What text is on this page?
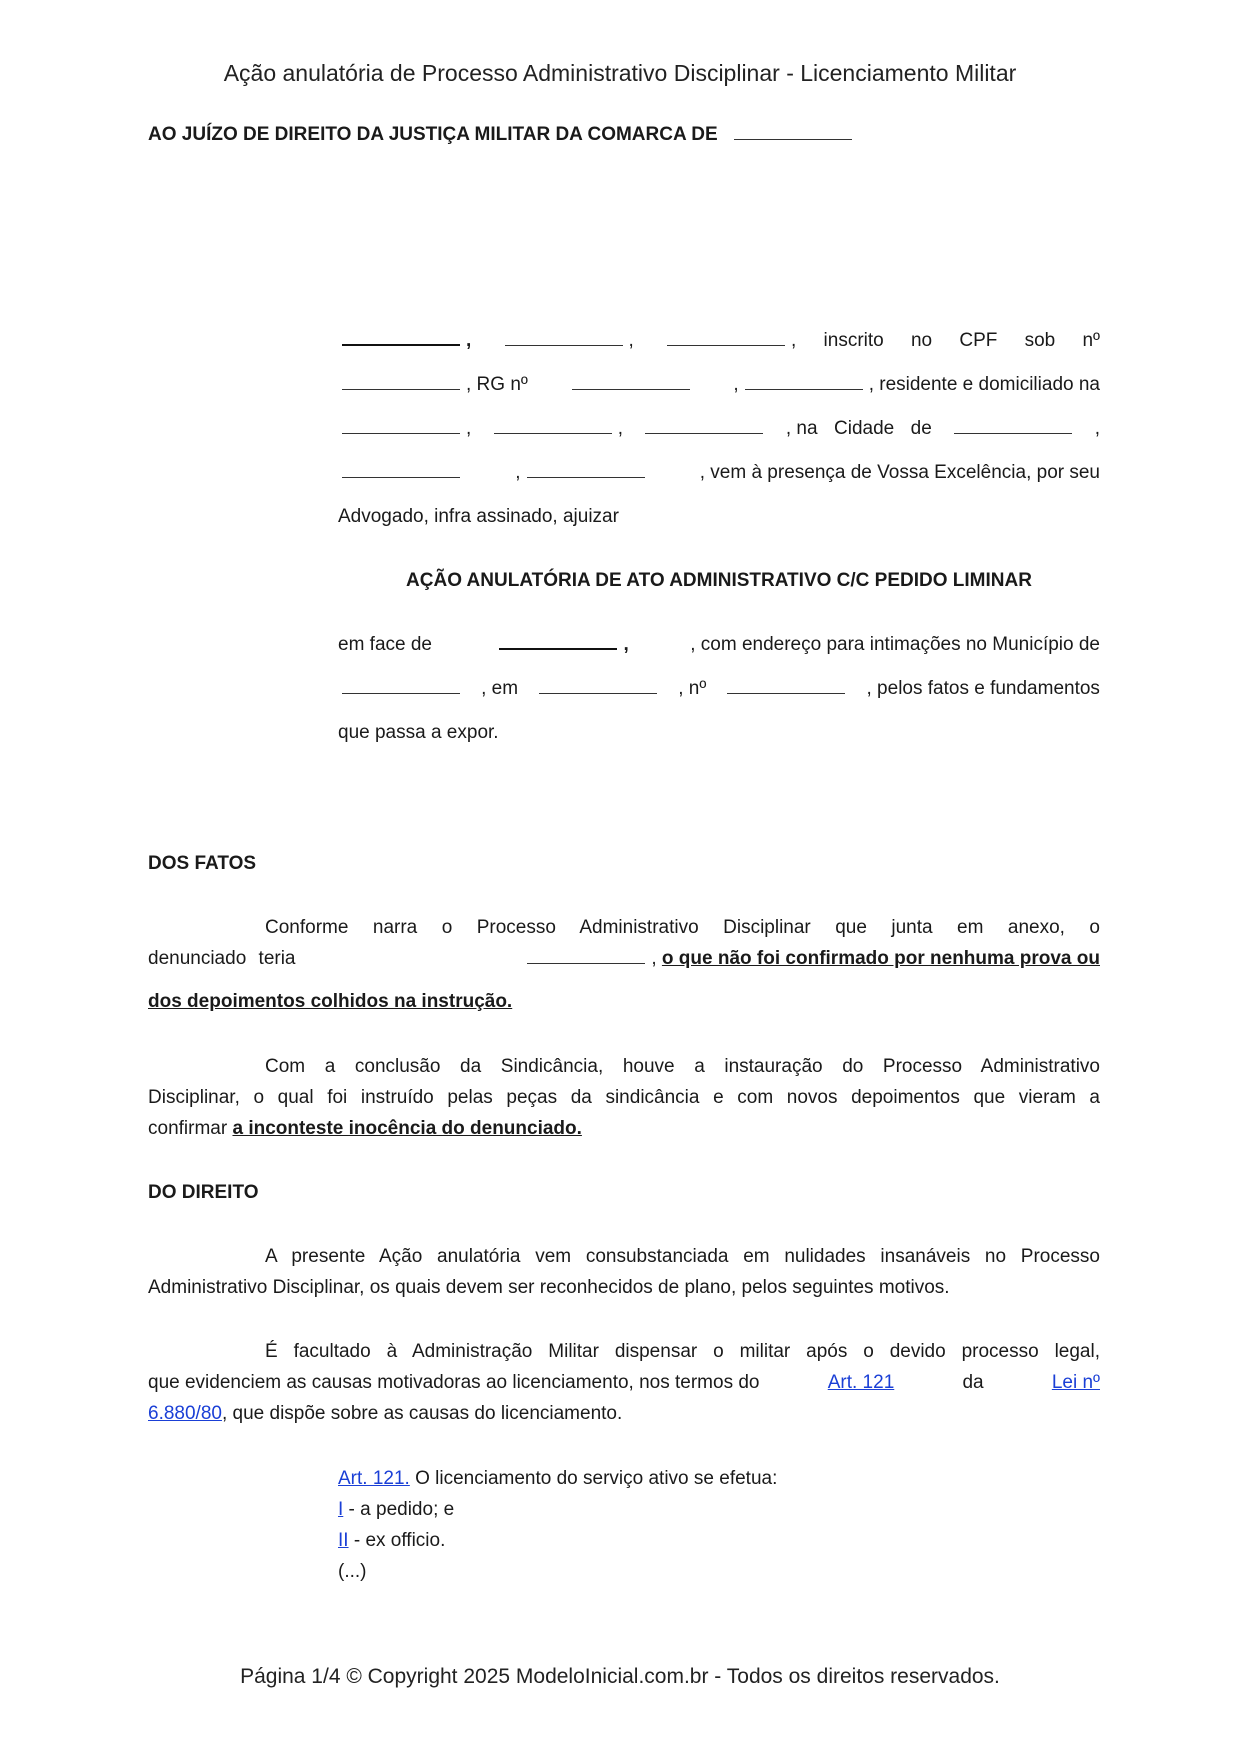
Ação anulatória de Processo Administrativo Disciplinar - Licenciamento Militar
AO JUÍZO DE DIREITO DA JUSTIÇA MILITAR DA COMARCA DE
,	,	, inscrito no CPF sob nº
, RG nº	,	, residente e domiciliado na
,	,	, na Cidade de	,
,	, vem à presença de Vossa Excelência, por seu
Advogado, infra assinado, ajuizar
AÇÃO ANULATÓRIA DE ATO ADMINISTRATIVO C/C PEDIDO LIMINAR
em face de	,	, com endereço para intimações no Município de
, em	, nº	, pelos fatos e fundamentos
que passa a expor.
DOS FATOS
Conforme narra o Processo Administrativo Disciplinar que junta em anexo, o
denunciado teria	, o que não foi confirmado por nenhuma prova ou
dos depoimentos colhidos na instrução.
Com a conclusão da Sindicância, houve a instauração do Processo Administrativo
Disciplinar, o qual foi instruído pelas peças da sindicância e com novos depoimentos que vieram a
confirmar a inconteste inocência do denunciado.
DO DIREITO
A presente Ação anulatória vem consubstanciada em nulidades insanáveis no Processo
Administrativo Disciplinar, os quais devem ser reconhecidos de plano, pelos seguintes motivos.
É facultado à Administração Militar dispensar o militar após o devido processo legal,
que evidenciem as causas motivadoras ao licenciamento, nos termos do	Art. 121	da	Lei nº
6.880/80, que dispõe sobre as causas do licenciamento.
Art. 121. O licenciamento do serviço ativo se efetua:
I - a pedido; e
II - ex officio.
(...)
Página 1/4 © Copyright 2025 ModeloInicial.com.br - Todos os direitos reservados.
